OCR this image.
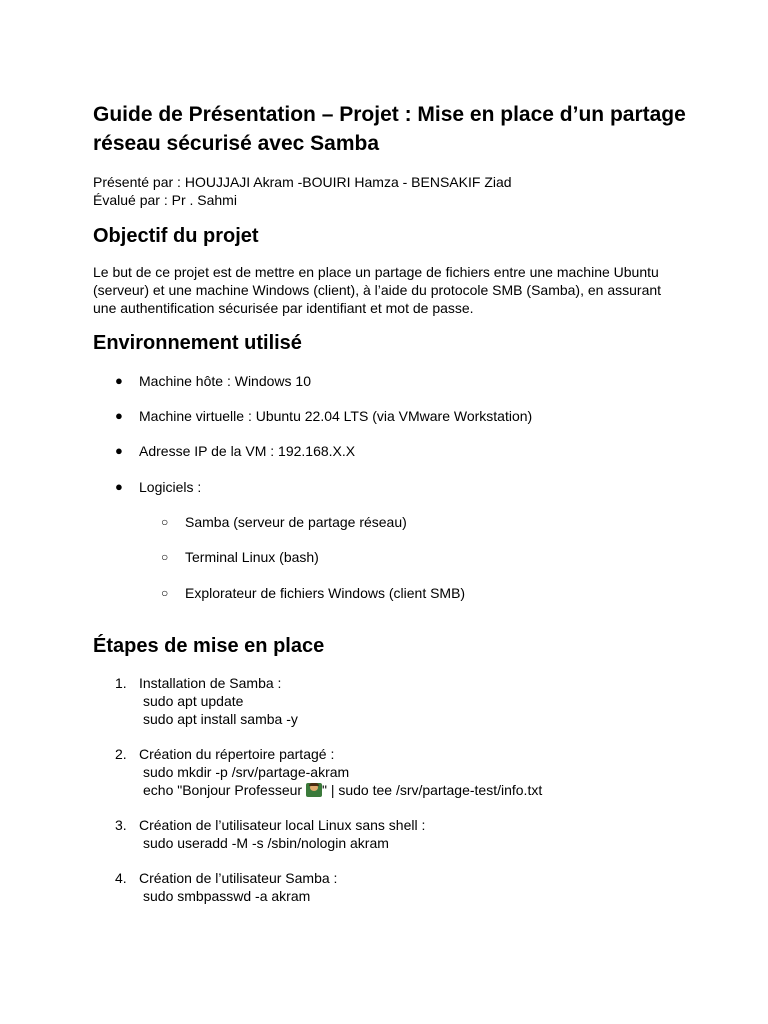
Guide de Présentation – Projet : Mise en place d’un partage réseau sécurisé avec Samba
Présenté par : HOUJJAJI Akram -BOUIRI Hamza - BENSAKIF Ziad
Évalué par : Pr . Sahmi
Objectif du projet

Le but de ce projet est de mettre en place un partage de fichiers entre une machine Ubuntu (serveur) et une machine Windows (client), à l’aide du protocole SMB (Samba), en assurant une authentification sécurisée par identifiant et mot de passe.

Environnement utilisé
● Machine hôte : Windows 10
● Machine virtuelle : Ubuntu 22.04 LTS (via VMware Workstation)
● Adresse IP de la VM : 192.168.X.X
● Logiciels :
○ Samba (serveur de partage réseau)
○ Terminal Linux (bash)
○ Explorateur de fichiers Windows (client SMB)
Étapes de mise en place
1. Installation de Samba :
sudo apt update
sudo apt install samba -y
2. Création du répertoire partagé :
sudo mkdir -p /srv/partage-akram
echo "Bonjour Professeur " | sudo tee /srv/partage-test/info.txt
3. Création de l’utilisateur local Linux sans shell :
sudo useradd -M -s /sbin/nologin akram
4. Création de l’utilisateur Samba :
sudo smbpasswd -a akram
